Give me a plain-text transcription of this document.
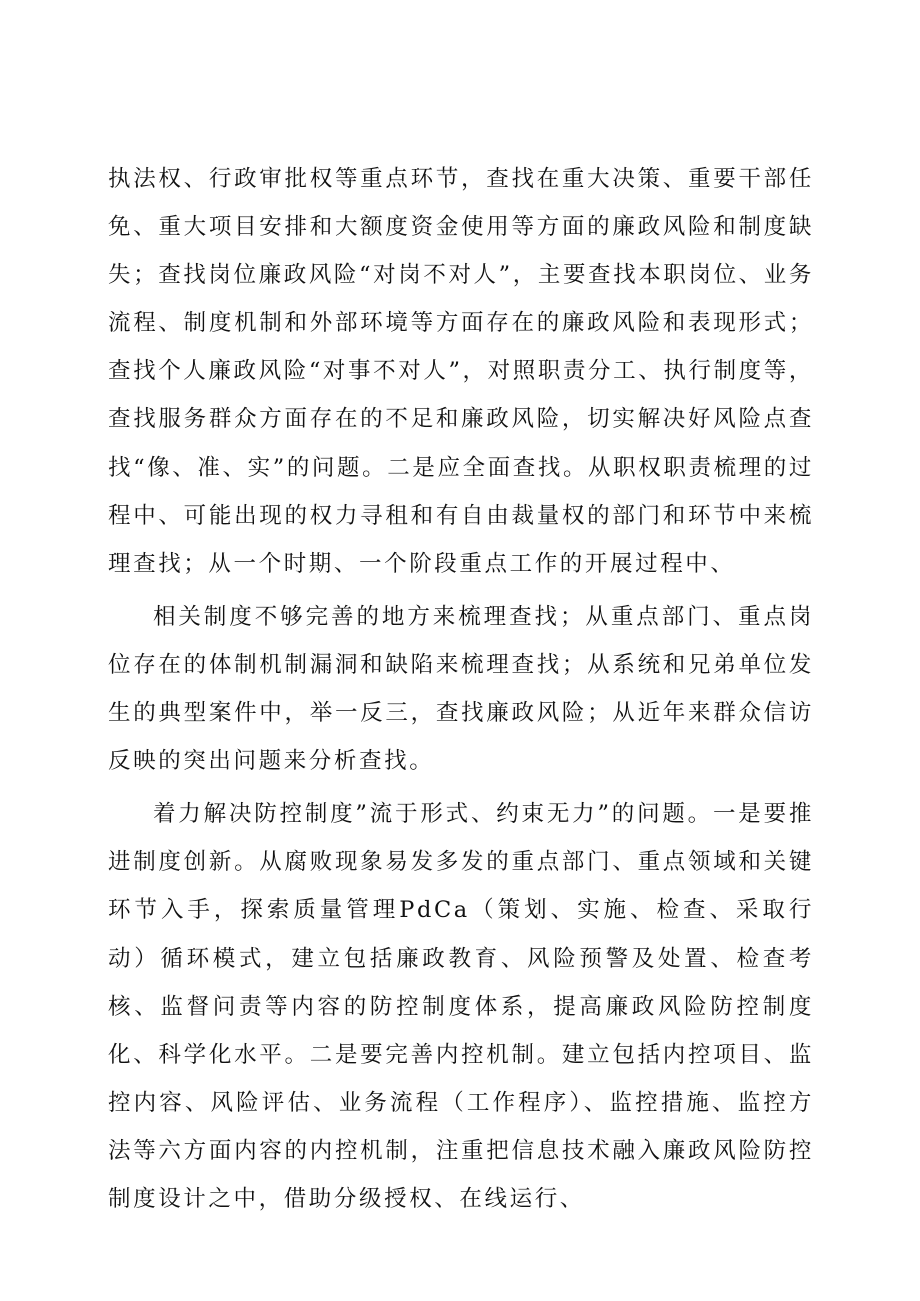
执法权、行政审批权等重点环节，查找在重大决策、重要干部任免、重大项目安排和大额度资金使用等方面的廉政风险和制度缺失；查找岗位廉政风险“对岗不对人”，主要查找本职岗位、业务流程、制度机制和外部环境等方面存在的廉政风险和表现形式；查找个人廉政风险“对事不对人”，对照职责分工、执行制度等，查找服务群众方面存在的不足和廉政风险，切实解决好风险点查找“像、准、实”的问题。二是应全面查找。从职权职责梳理的过程中、可能出现的权力寻租和有自由裁量权的部门和环节中来梳理查找；从一个时期、一个阶段重点工作的开展过程中、

相关制度不够完善的地方来梳理查找；从重点部门、重点岗位存在的体制机制漏洞和缺陷来梳理查找；从系统和兄弟单位发生的典型案件中，举一反三，查找廉政风险；从近年来群众信访反映的突出问题来分析查找。

着力解决防控制度”流于形式、约束无力”的问题。一是要推进制度创新。从腐败现象易发多发的重点部门、重点领域和关键环节入手，探索质量管理PdCa（策划、实施、检查、采取行动）循环模式，建立包括廉政教育、风险预警及处置、检查考核、监督问责等内容的防控制度体系，提高廉政风险防控制度化、科学化水平。二是要完善内控机制。建立包括内控项目、监控内容、风险评估、业务流程（工作程序）、监控措施、监控方法等六方面内容的内控机制，注重把信息技术融入廉政风险防控制度设计之中，借助分级授权、在线运行、
